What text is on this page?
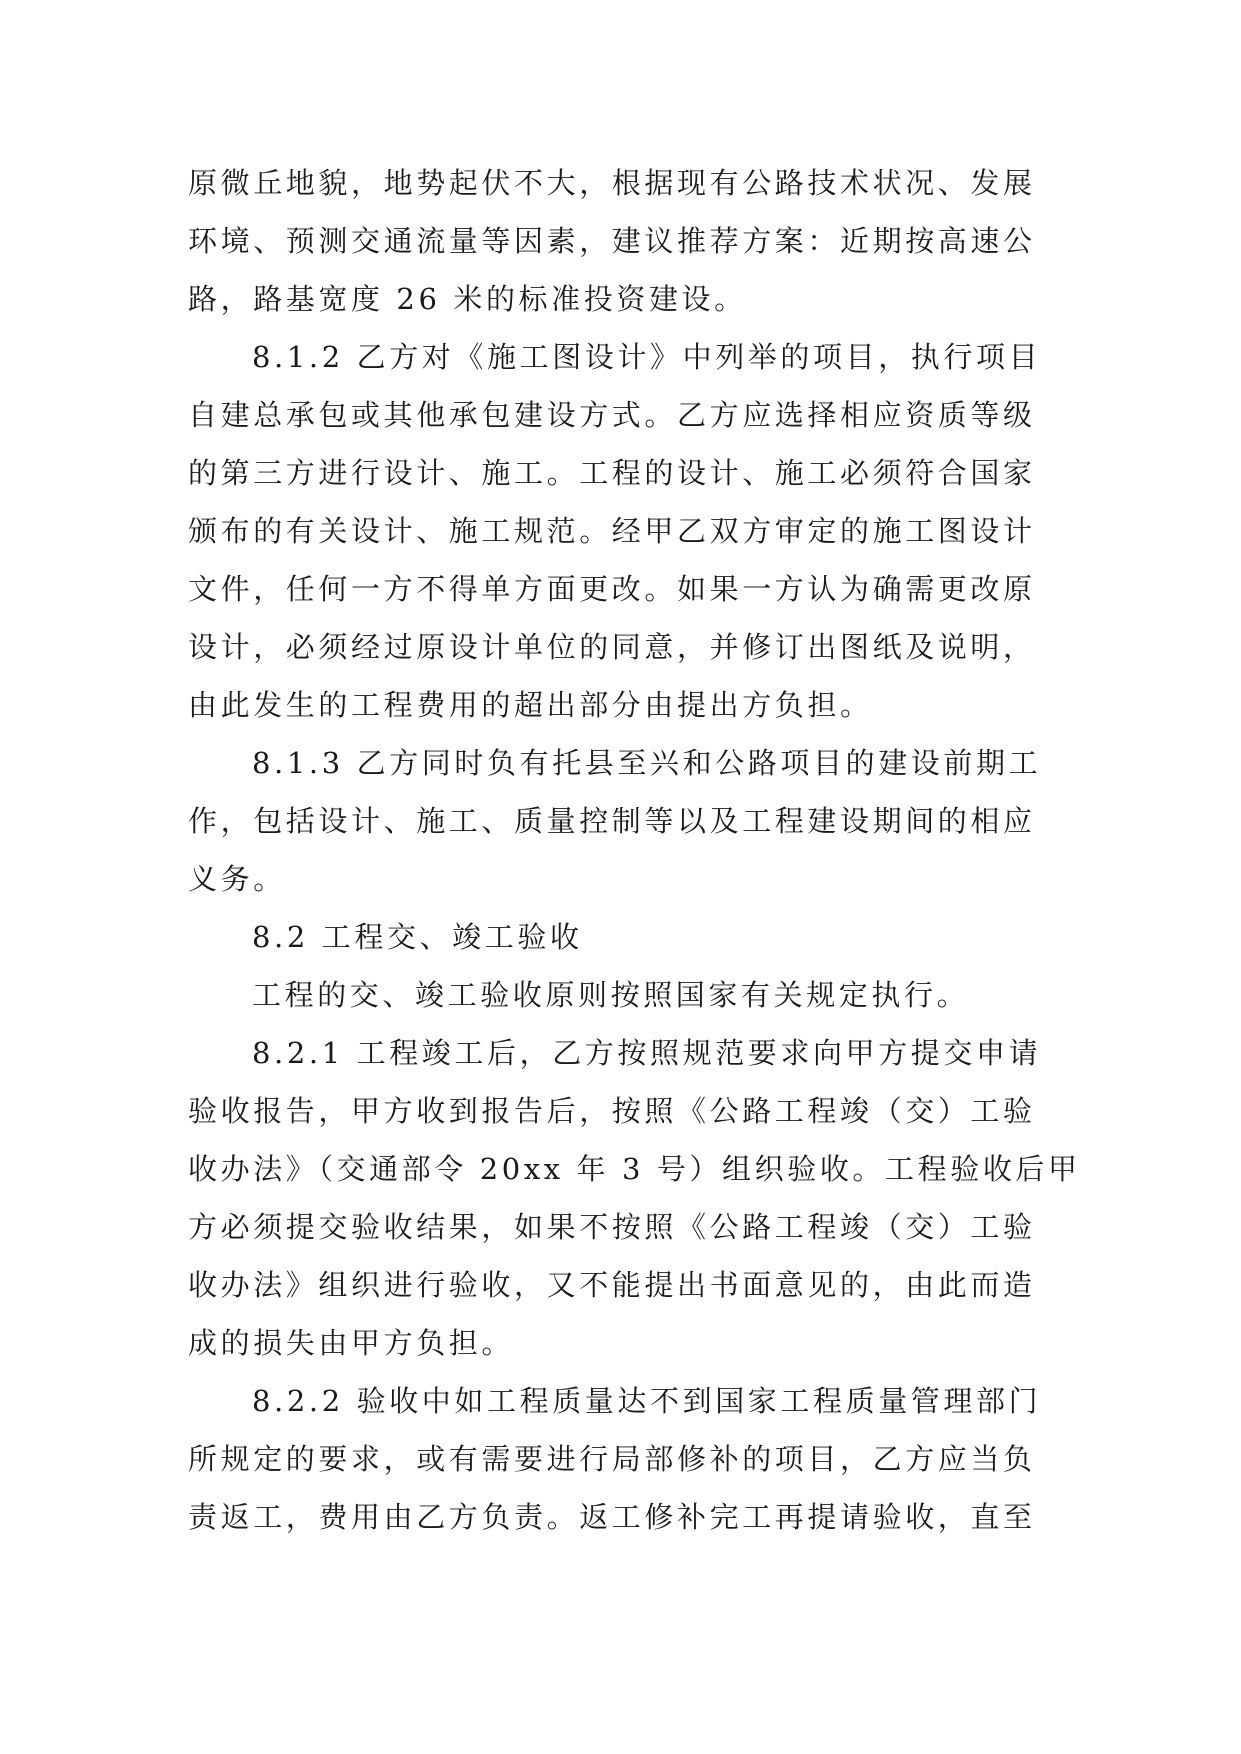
原微丘地貌，地势起伏不大，根据现有公路技术状况、发展
环境、预测交通流量等因素，建议推荐方案：近期按高速公
路，路基宽度 26 米的标准投资建设。
8.1.2 乙方对《施工图设计》中列举的项目，执行项目
自建总承包或其他承包建设方式。乙方应选择相应资质等级
的第三方进行设计、施工。工程的设计、施工必须符合国家
颁布的有关设计、施工规范。经甲乙双方审定的施工图设计
文件，任何一方不得单方面更改。如果一方认为确需更改原
设计，必须经过原设计单位的同意，并修订出图纸及说明，
由此发生的工程费用的超出部分由提出方负担。
8.1.3 乙方同时负有托县至兴和公路项目的建设前期工
作，包括设计、施工、质量控制等以及工程建设期间的相应
义务。
8.2 工程交、竣工验收
工程的交、竣工验收原则按照国家有关规定执行。
8.2.1 工程竣工后，乙方按照规范要求向甲方提交申请
验收报告，甲方收到报告后，按照《公路工程竣（交）工验
收办法》（交通部令 20xx 年 3 号）组织验收。工程验收后甲
方必须提交验收结果，如果不按照《公路工程竣（交）工验
收办法》组织进行验收，又不能提出书面意见的，由此而造
成的损失由甲方负担。
8.2.2 验收中如工程质量达不到国家工程质量管理部门
所规定的要求，或有需要进行局部修补的项目，乙方应当负
责返工，费用由乙方负责。返工修补完工再提请验收，直至
